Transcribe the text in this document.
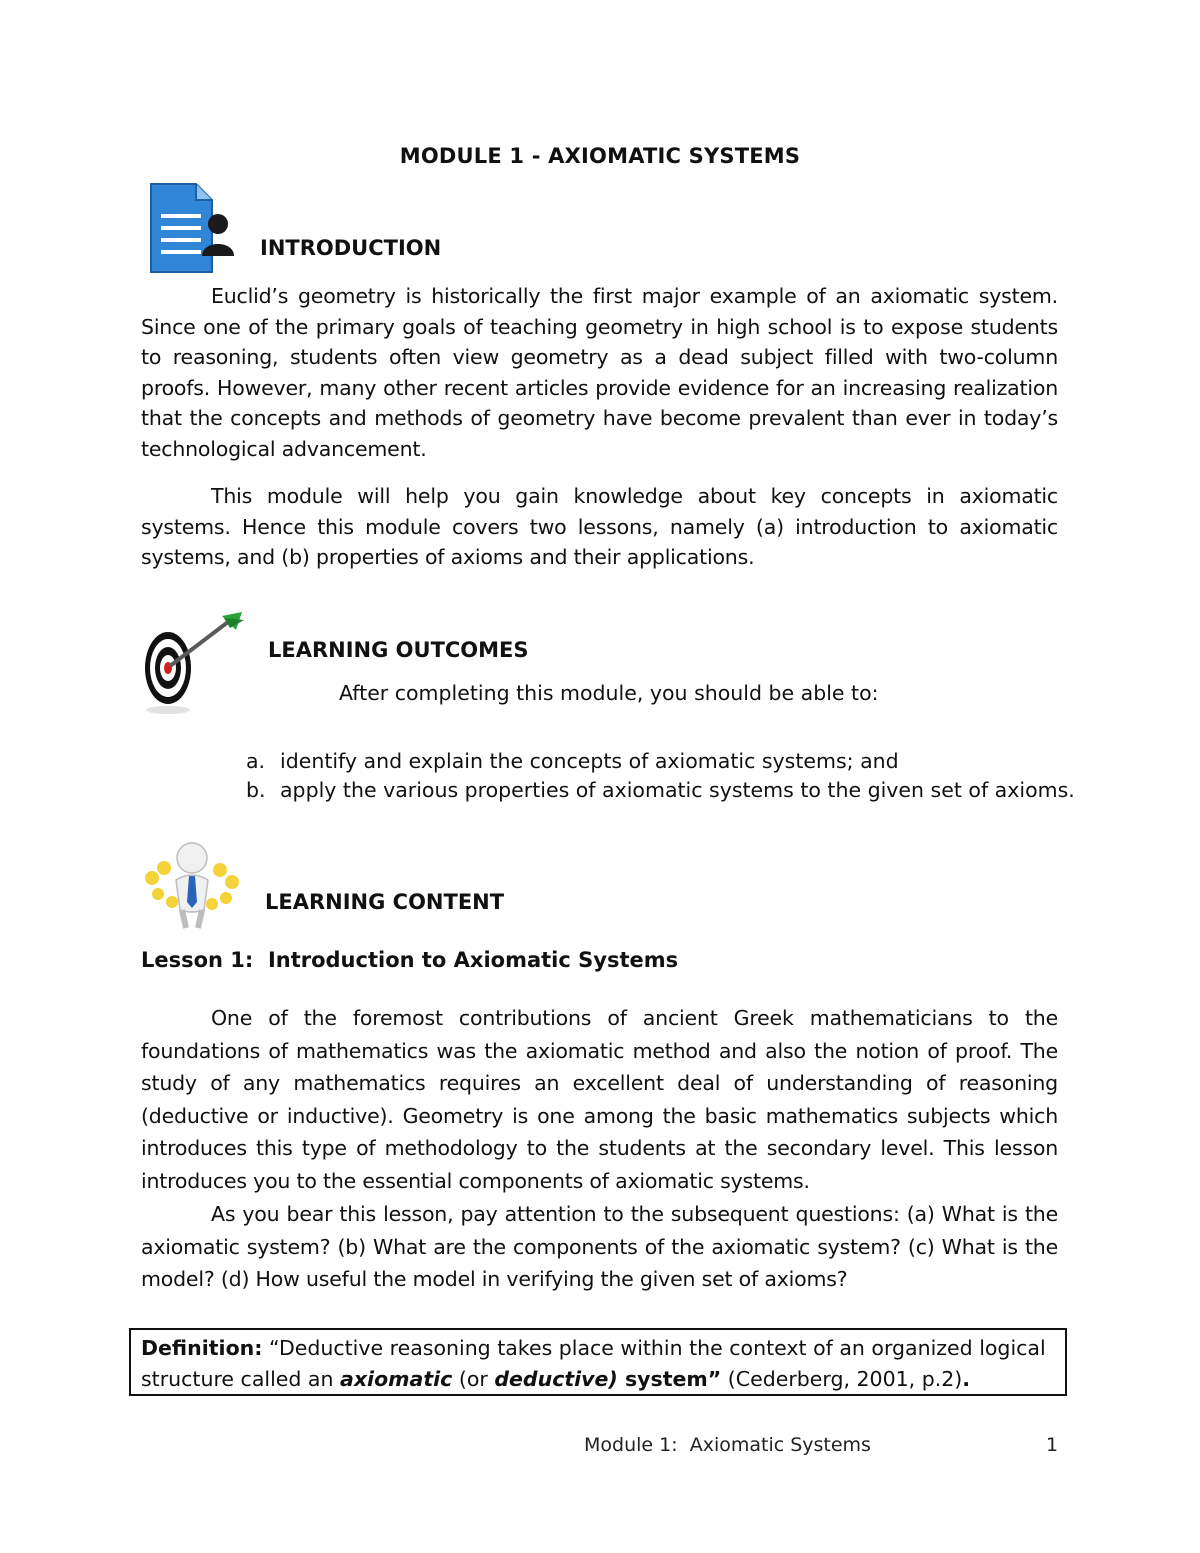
MODULE 1 - AXIOMATIC SYSTEMS
INTRODUCTION
Euclid’s geometry is historically the first major example of an axiomatic system. Since one of the primary goals of teaching geometry in high school is to expose students to reasoning, students often view geometry as a dead subject filled with two-column proofs. However, many other recent articles provide evidence for an increasing realization that the concepts and methods of geometry have become prevalent than ever in today’s technological advancement.
This module will help you gain knowledge about key concepts in axiomatic systems. Hence this module covers two lessons, namely (a) introduction to axiomatic systems, and (b) properties of axioms and their applications.
LEARNING OUTCOMES
After completing this module, you should be able to:
a. identify and explain the concepts of axiomatic systems; and
b. apply the various properties of axiomatic systems to the given set of axioms.
LEARNING CONTENT
Lesson 1:  Introduction to Axiomatic Systems
One of the foremost contributions of ancient Greek mathematicians to the foundations of mathematics was the axiomatic method and also the notion of proof. The study of any mathematics requires an excellent deal of understanding of reasoning (deductive or inductive). Geometry is one among the basic mathematics subjects which introduces this type of methodology to the students at the secondary level. This lesson introduces you to the essential components of axiomatic systems.
As you bear this lesson, pay attention to the subsequent questions: (a) What is the axiomatic system? (b) What are the components of the axiomatic system? (c) What is the model? (d) How useful the model in verifying the given set of axioms?
Definition: “Deductive reasoning takes place within the context of an organized logical structure called an axiomatic (or deductive) system” (Cederberg, 2001, p.2).
Module 1:  Axiomatic Systems	1
